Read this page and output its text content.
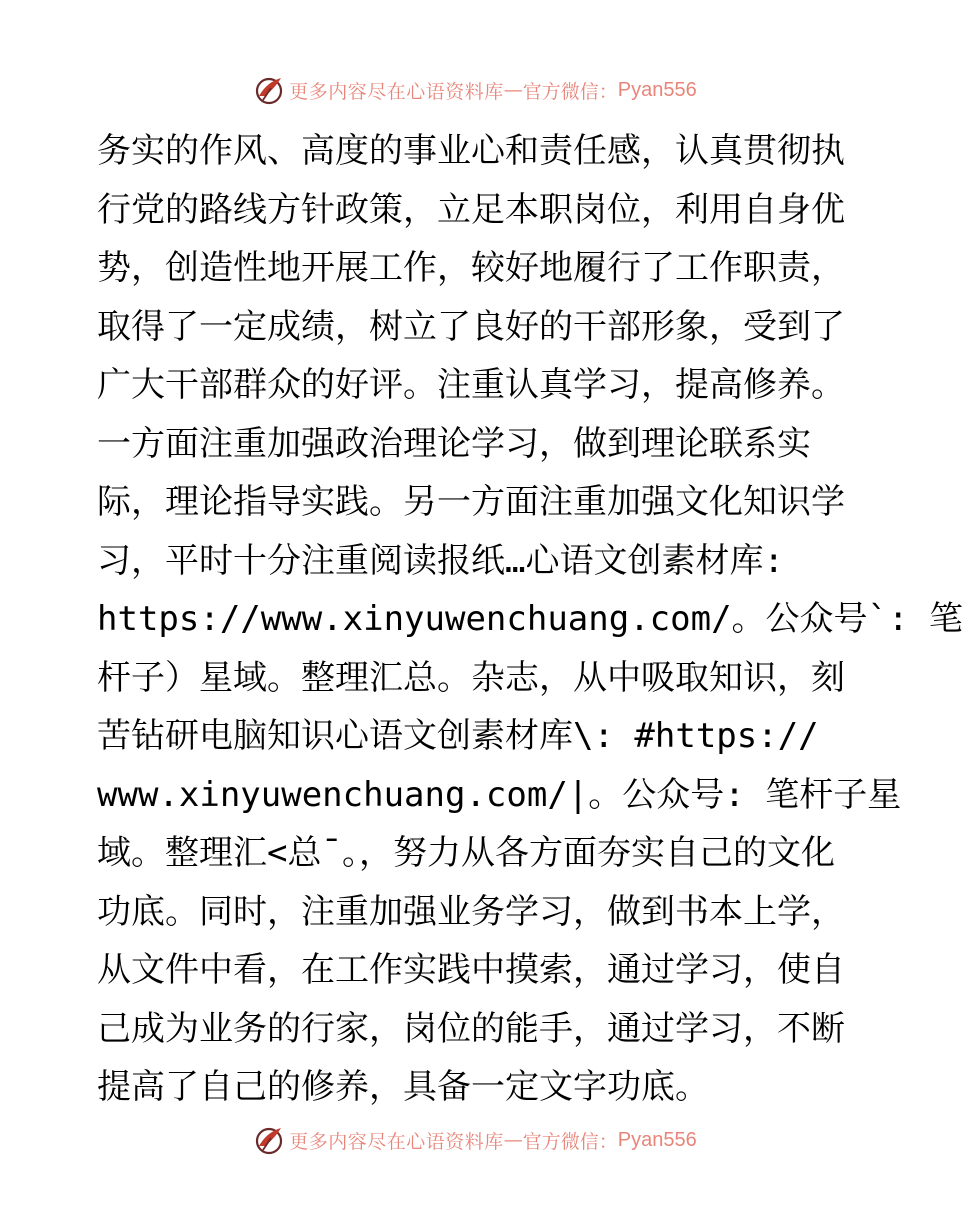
更多内容尽在心语资料库 — 官方微信： Pyan556
务实的作风、高度的事业心和责任感，认真贯彻执
行党的路线方针政策，立足本职岗位，利用自身优
势，创造性地开展工作，较好地履行了工作职责，
取得了一定成绩，树立了良好的干部形象，受到了
广大干部群众的好评。注重认真学习，提高修养。
一方面注重加强政治理论学习，做到理论联系实
际，理论指导实践。另一方面注重加强文化知识学
习，平时十分注重阅读报纸…心语文创素材库:
https://www.xinyuwenchuang.com/。公众号`: 笔
杆子）星域。整理汇总。杂志，从中吸取知识，刻
苦钻研电脑知识心语文创素材库\: #https://
www.xinyuwenchuang.com/|。公众号: 笔杆子星
域。整理汇<总¯。，努力从各方面夯实自己的文化
功底。同时，注重加强业务学习，做到书本上学，
从文件中看，在工作实践中摸索，通过学习，使自
己成为业务的行家，岗位的能手，通过学习，不断
提高了自己的修养，具备一定文字功底。
更多内容尽在心语资料库 — 官方微信： Pyan556
